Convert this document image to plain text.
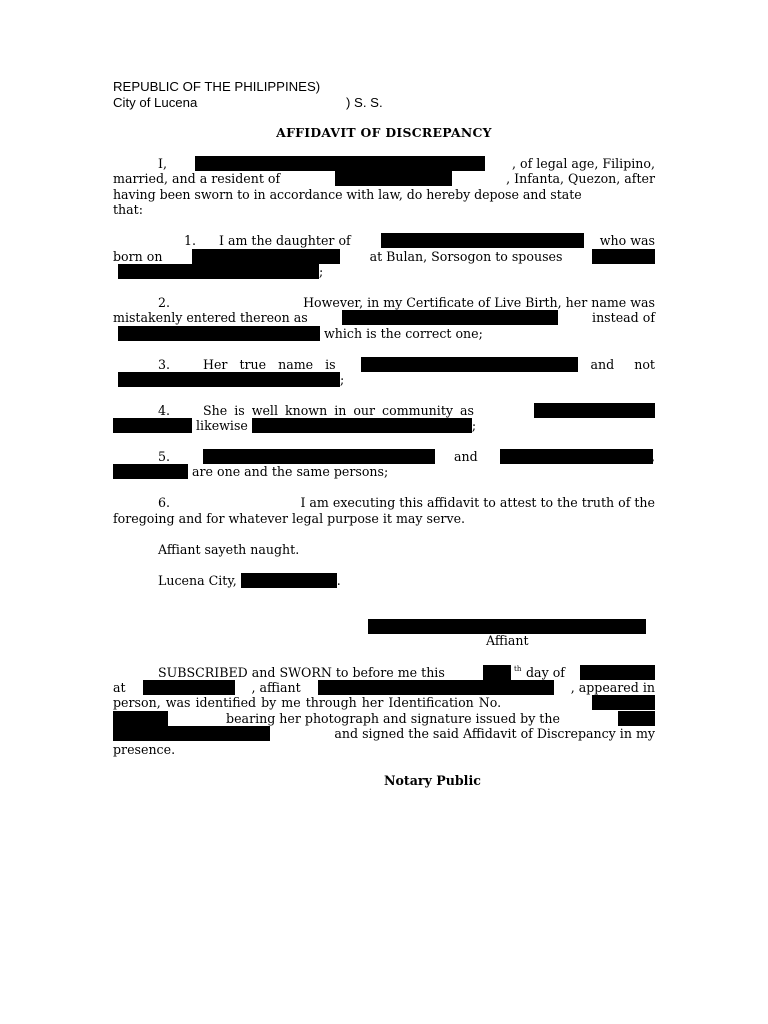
REPUBLIC OF THE PHILIPPINES)
City of Lucena	) S. S.
AFFIDAVIT OF DISCREPANCY
I,	, of legal age, Filipino,
married, and a resident of	, Infanta, Quezon, after
having been sworn to in accordance with law, do hereby depose and state
that:
1. I am the daughter of	who was
born on	at Bulan, Sorsogon to spouses
;
2.	However, in my Certificate of Live Birth, her name was
mistakenly entered thereon as	instead of
which is the correct one;
3.	Her true name is	, and not
;
4.	She is well known in our community as
likewise	;
5.	and	,
are one and the same persons;
6.	I am executing this affidavit to attest to the truth of the
foregoing and for whatever legal purpose it may serve.
Affiant sayeth naught.
Lucena City,	.
Affiant
SUBSCRIBED and SWORN to before me this	th day of
at	, affiant	, appeared in
person, was identified by me through her Identification No.
bearing her photograph and signature issued by the
and signed the said Affidavit of Discrepancy in my
presence.
Notary Public
